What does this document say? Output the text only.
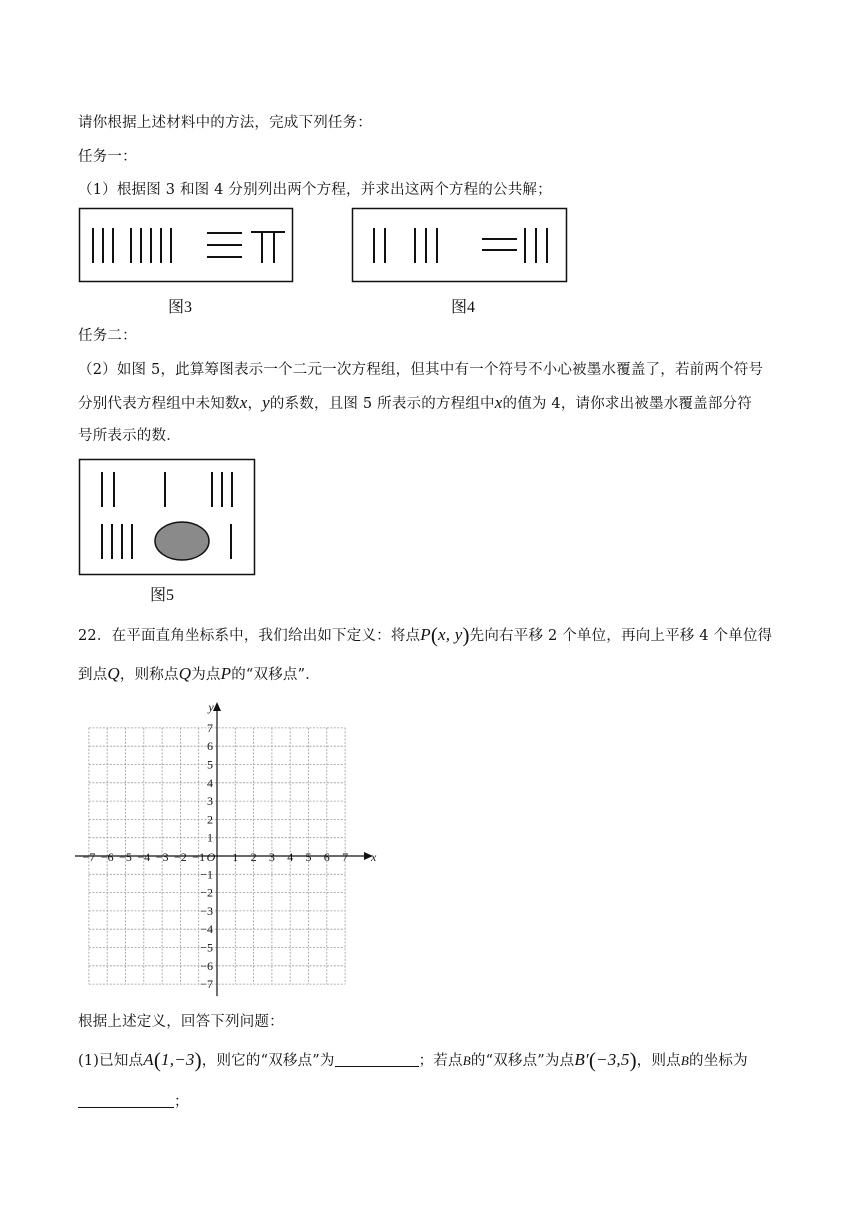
请你根据上述材料中的方法，完成下列任务：
任务一：
（1）根据图 3 和图 4 分别列出两个方程，并求出这两个方程的公共解；
图3	图4
任务二：
（2）如图 5，此算筹图表示一个二元一次方程组，但其中有一个符号不小心被墨水覆盖了，若前两个符号
分别代表方程组中未知数x，y的系数，且图 5 所表示的方程组中x的值为 4，请你求出被墨水覆盖部分符
号所表示的数．
图5
22．在平面直角坐标系中，我们给出如下定义：将点P(x, y)先向右平移 2 个单位，再向上平移 4 个单位得
到点Q，则称点Q为点P的“双移点”．
−7 −6 −5 −4 −3 −2 −1 1 2 3 4 5 6 7
7
6
5
4
3
2
1
−1
−2
−3
−4
−5
−6
−7
O	x
y
根据上述定义，回答下列问题：
(1)已知点A(1,−3)，则它的“双移点”为	；若点B的“双移点”为点B′(−3,5)，则点B的坐标为
；
